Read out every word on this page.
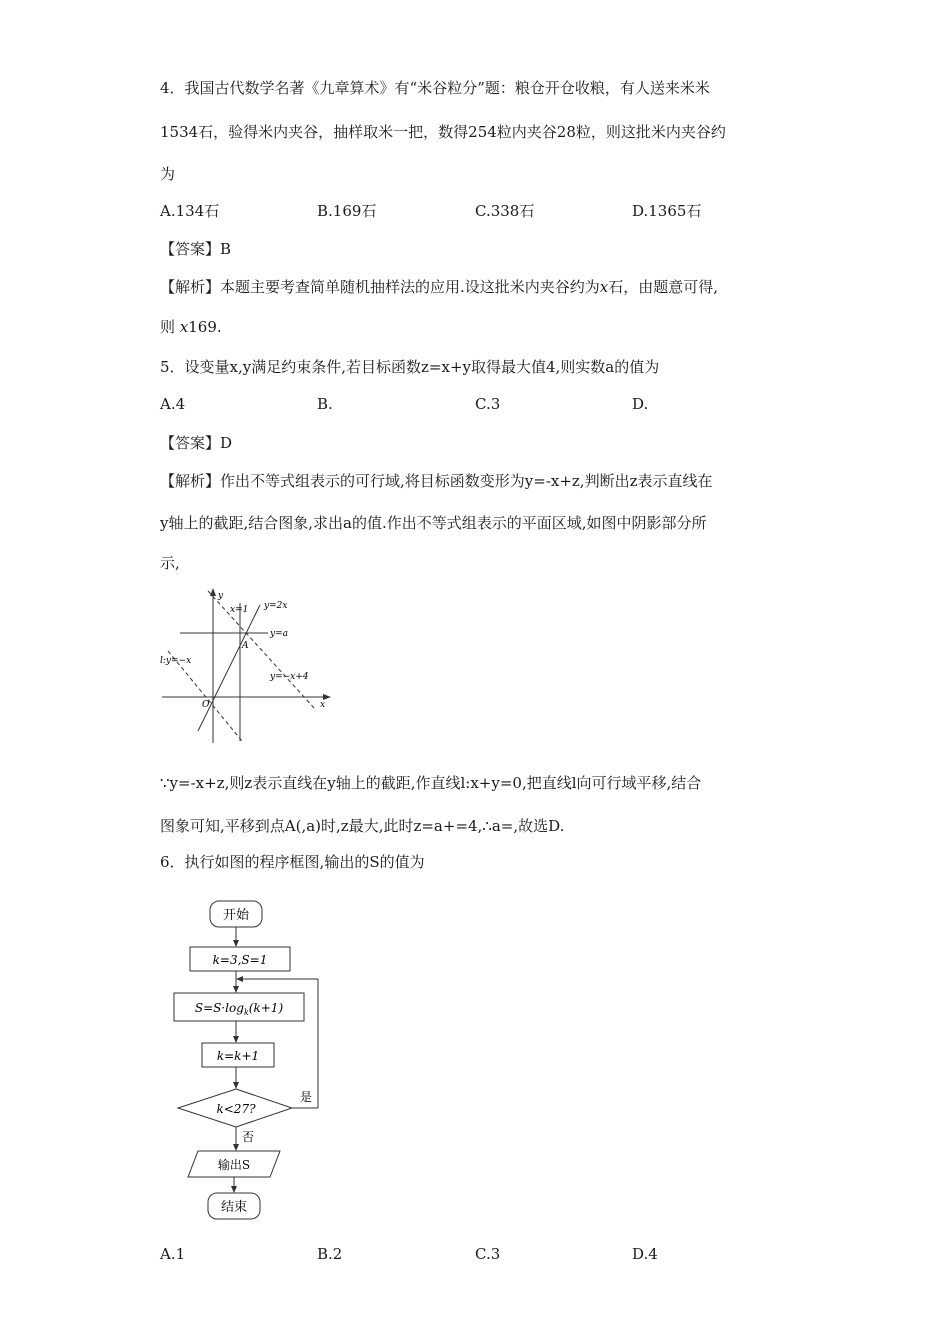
4．我国古代数学名著《九章算术》有“米谷粒分”题：粮仓开仓收粮，有人送来米米
1534石，验得米内夹谷，抽样取米一把，数得254粒内夹谷28粒，则这批米内夹谷约
为
A.134石	B.169石	C.338石	D.1365石
【答案】B
【解析】本题主要考查简单随机抽样法的应用.设这批米内夹谷约为x石，由题意可得,
则 x169.
5．设变量x,y满足约束条件,若目标函数z=x+y取得最大值4,则实数a的值为
A.4	B.	C.3	D.
【答案】D
【解析】作出不等式组表示的可行域,将目标函数变形为y=-x+z,判断出z表示直线在
y轴上的截距,结合图象,求出a的值.作出不等式组表示的平面区域,如图中阴影部分所
示,
y
x=1 y=2x
y=a
A
l:y=−x
y=−x+4
O	x
∵y=-x+z,则z表示直线在y轴上的截距,作直线l:x+y=0,把直线l向可行域平移,结合
图象可知,平移到点A(,a)时,z最大,此时z=a+=4,∴a=,故选D.
6．执行如图的程序框图,输出的S的值为
开始
k=3,S=1
$S=S\cdot\log_k(k+1)$
k=k+1
k<27?
是
否
输出S
结束
A.1	B.2	C.3	D.4
